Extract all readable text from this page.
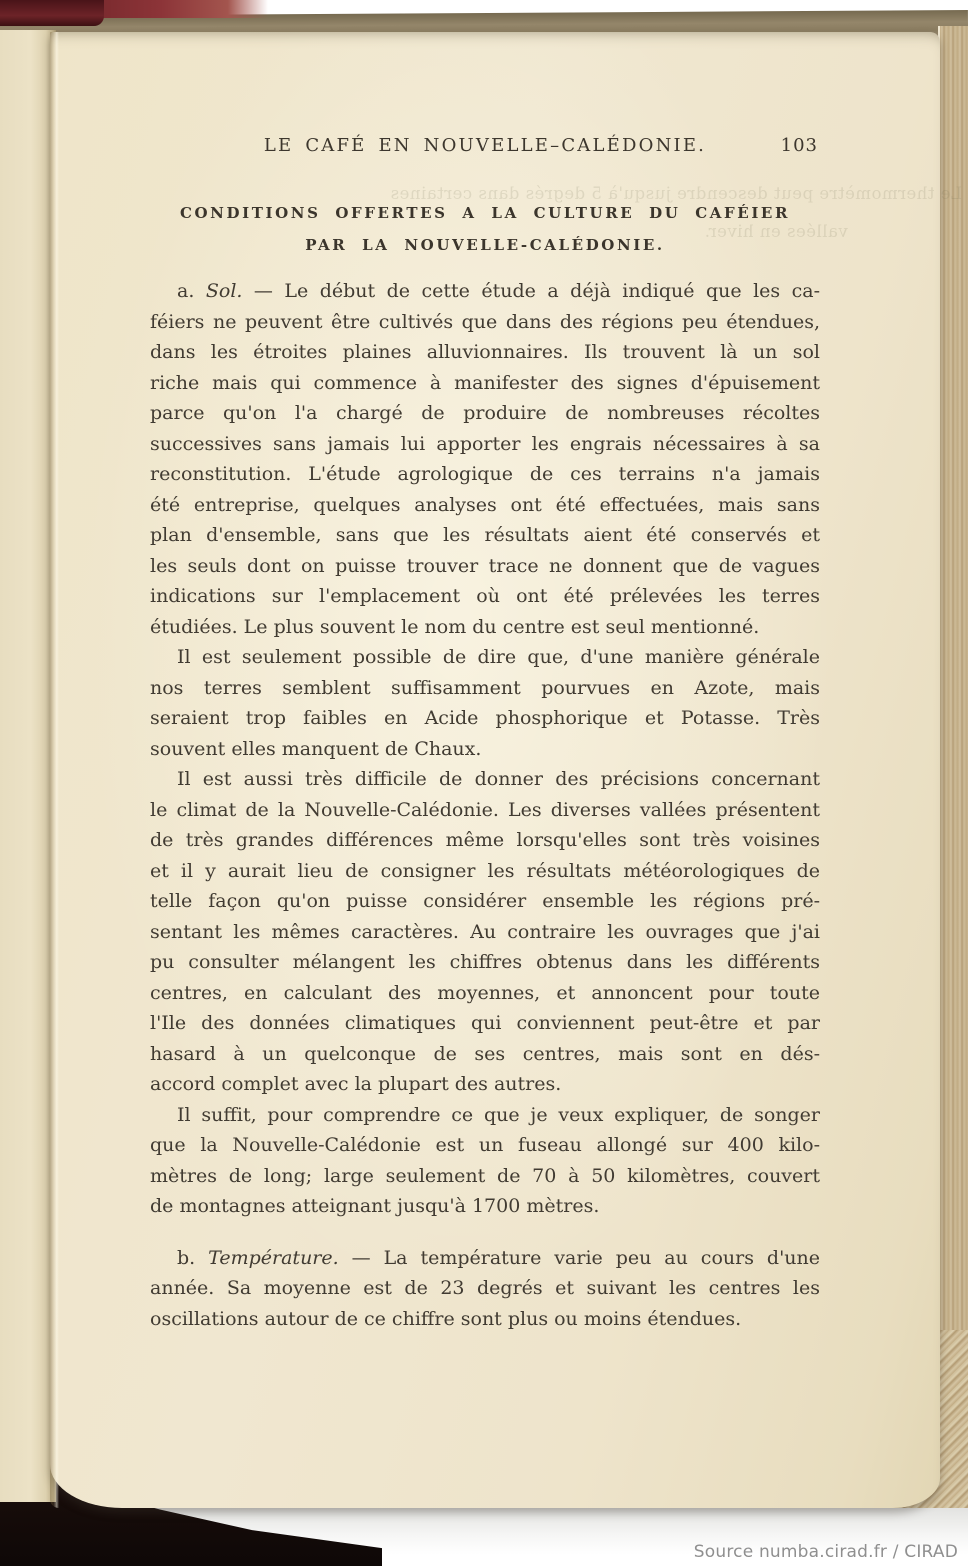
Le thermomètre peut descendre jusqu'à 5 degrés dans certaines
vallées en hiver.
LE CAFÉ EN NOUVELLE–CALÉDONIE.	103
CONDITIONS OFFERTES A LA CULTURE DU CAFÉIER
PAR LA NOUVELLE-CALÉDONIE.
a. Sol. — Le début de cette étude a déjà indiqué que les ca-
féiers ne peuvent être cultivés que dans des régions peu étendues,
dans les étroites plaines alluvionnaires. Ils trouvent là un sol
riche mais qui commence à manifester des signes d'épuisement
parce qu'on l'a chargé de produire de nombreuses récoltes
successives sans jamais lui apporter les engrais nécessaires à sa
reconstitution. L'étude agrologique de ces terrains n'a jamais
été entreprise, quelques analyses ont été effectuées, mais sans
plan d'ensemble, sans que les résultats aient été conservés et
les seuls dont on puisse trouver trace ne donnent que de vagues
indications sur l'emplacement où ont été prélevées les terres
étudiées. Le plus souvent le nom du centre est seul mentionné.
Il est seulement possible de dire que, d'une manière générale
nos terres semblent suffisamment pourvues en Azote, mais
seraient trop faibles en Acide phosphorique et Potasse. Très
souvent elles manquent de Chaux.
Il est aussi très difficile de donner des précisions concernant
le climat de la Nouvelle-Calédonie. Les diverses vallées présentent
de très grandes différences même lorsqu'elles sont très voisines
et il y aurait lieu de consigner les résultats météorologiques de
telle façon qu'on puisse considérer ensemble les régions pré-
sentant les mêmes caractères. Au contraire les ouvrages que j'ai
pu consulter mélangent les chiffres obtenus dans les différents
centres, en calculant des moyennes, et annoncent pour toute
l'Ile des données climatiques qui conviennent peut-être et par
hasard à un quelconque de ses centres, mais sont en dés-
accord complet avec la plupart des autres.
Il suffit, pour comprendre ce que je veux expliquer, de songer
que la Nouvelle-Calédonie est un fuseau allongé sur 400 kilo-
mètres de long; large seulement de 70 à 50 kilomètres, couvert
de montagnes atteignant jusqu'à 1700 mètres.
b. Température. — La température varie peu au cours d'une
année. Sa moyenne est de 23 degrés et suivant les centres les
oscillations autour de ce chiffre sont plus ou moins étendues.
Source numba.cirad.fr / CIRAD
